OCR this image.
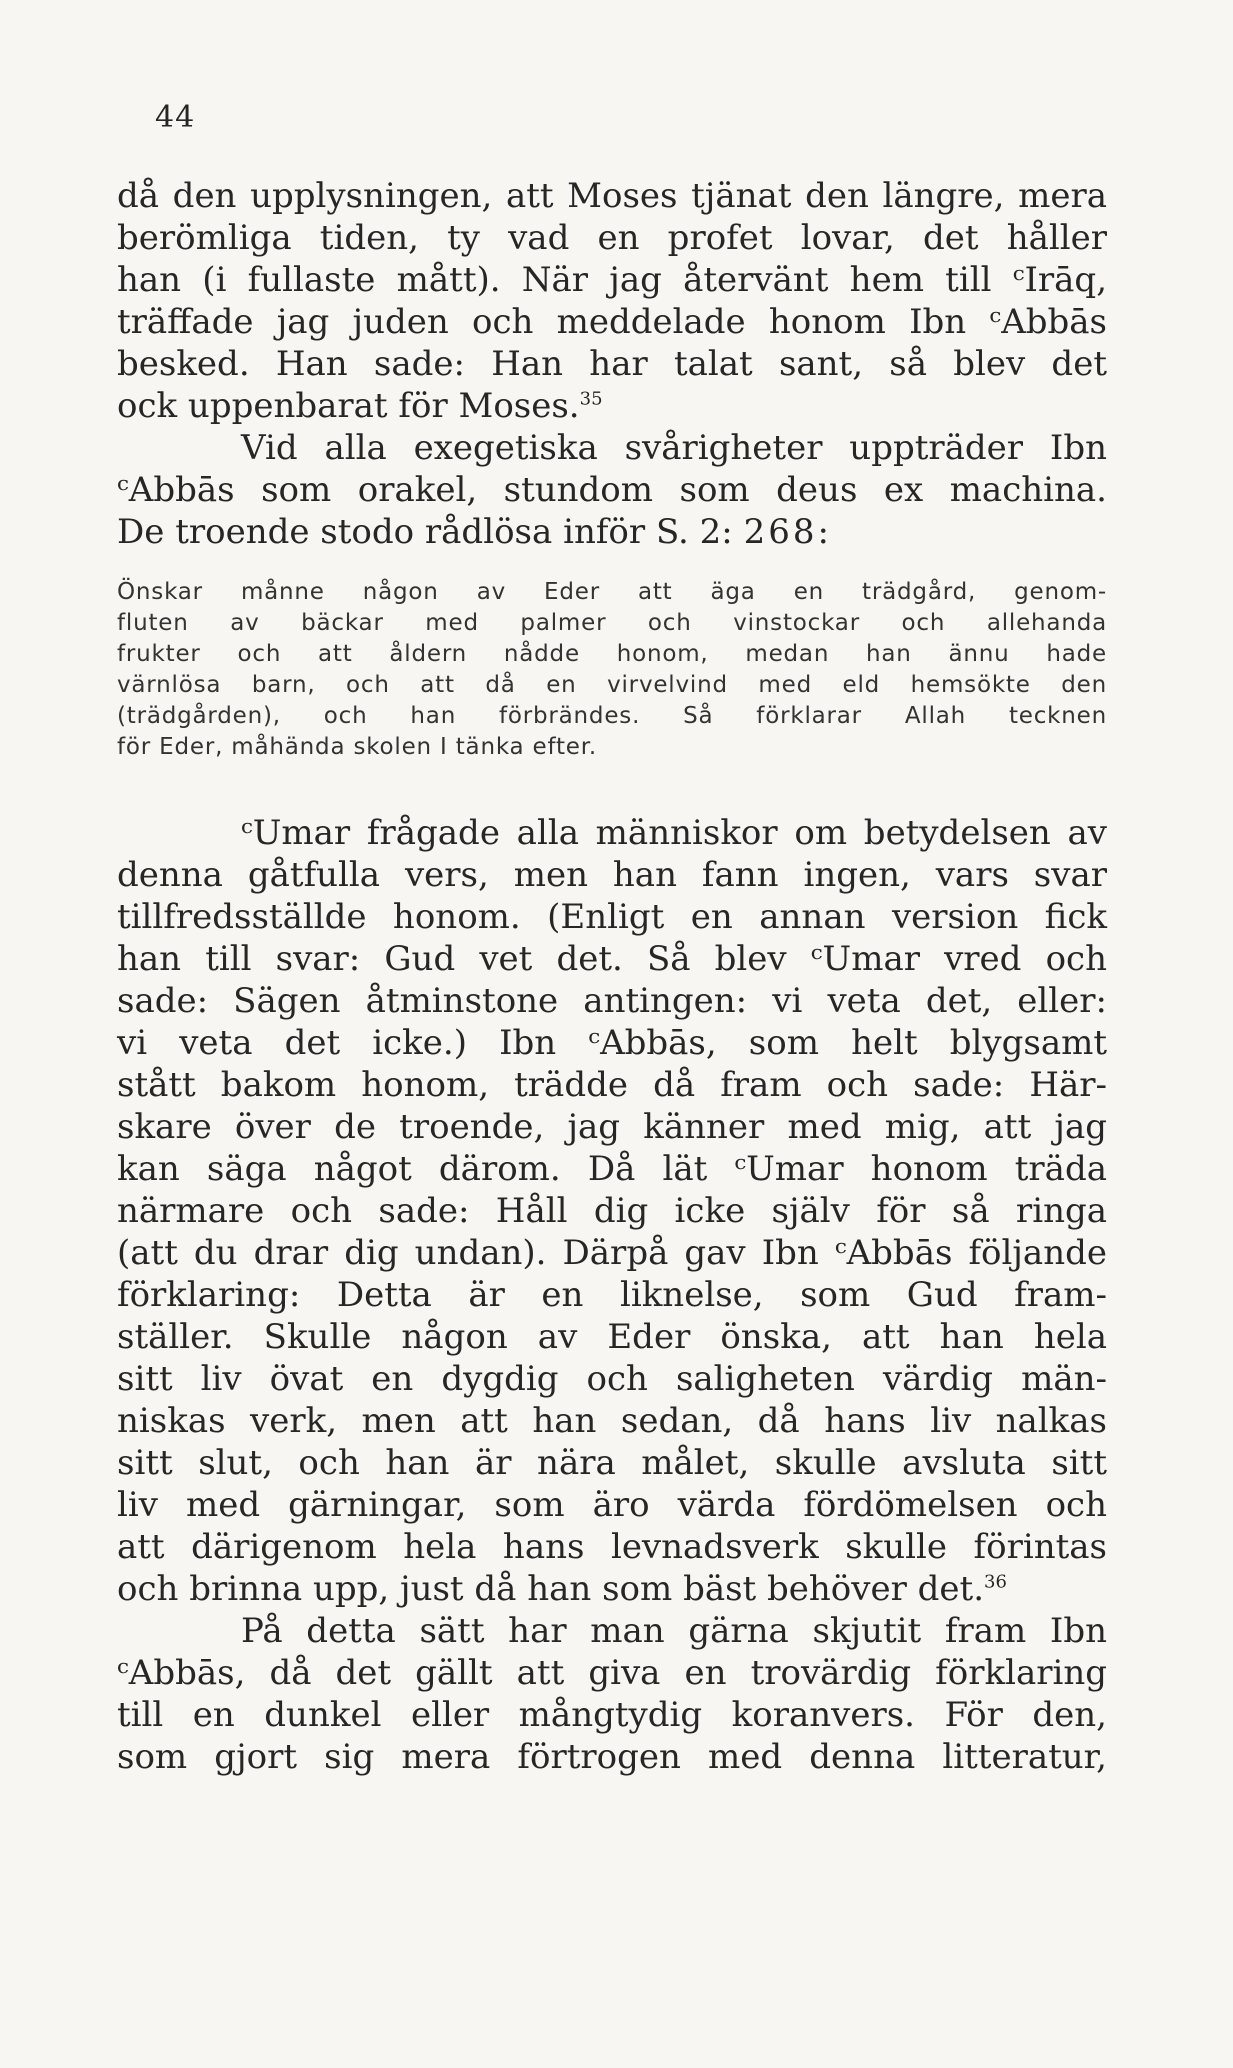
44
då den upplysningen, att Moses tjänat den längre, mera
berömliga tiden, ty vad en profet lovar, det håller
han (i fullaste mått). När jag återvänt hem till ᶜIrāq,
träffade jag juden och meddelade honom Ibn ᶜAbbās
besked. Han sade: Han har talat sant, så blev det
ock uppenbarat för Moses.$^{35}$
Vid alla exegetiska svårigheter uppträder Ibn
ᶜAbbās som orakel, stundom som deus ex machina.
De troende stodo rådlösa inför S. 2: 268:
Önskar månne någon av Eder att äga en trädgård, genom-
fluten av bäckar med palmer och vinstockar och allehanda
frukter och att åldern nådde honom, medan han ännu hade
värnlösa barn, och att då en virvelvind med eld hemsökte den
(trädgården), och han förbrändes. Så förklarar Allah tecknen
för Eder, måhända skolen I tänka efter.
ᶜUmar frågade alla människor om betydelsen av
denna gåtfulla vers, men han fann ingen, vars svar
tillfredsställde honom. (Enligt en annan version fick
han till svar: Gud vet det. Så blev ᶜUmar vred och
sade: Sägen åtminstone antingen: vi veta det, eller:
vi veta det icke.) Ibn ᶜAbbās, som helt blygsamt
stått bakom honom, trädde då fram och sade: Här-
skare över de troende, jag känner med mig, att jag
kan säga något därom. Då lät ᶜUmar honom träda
närmare och sade: Håll dig icke själv för så ringa
(att du drar dig undan). Därpå gav Ibn ᶜAbbās följande
förklaring: Detta är en liknelse, som Gud fram-
ställer. Skulle någon av Eder önska, att han hela
sitt liv övat en dygdig och saligheten värdig män-
niskas verk, men att han sedan, då hans liv nalkas
sitt slut, och han är nära målet, skulle avsluta sitt
liv med gärningar, som äro värda fördömelsen och
att därigenom hela hans levnadsverk skulle förintas
och brinna upp, just då han som bäst behöver det.$^{36}$
På detta sätt har man gärna skjutit fram Ibn
ᶜAbbās, då det gällt att giva en trovärdig förklaring
till en dunkel eller mångtydig koranvers. För den,
som gjort sig mera förtrogen med denna litteratur,
